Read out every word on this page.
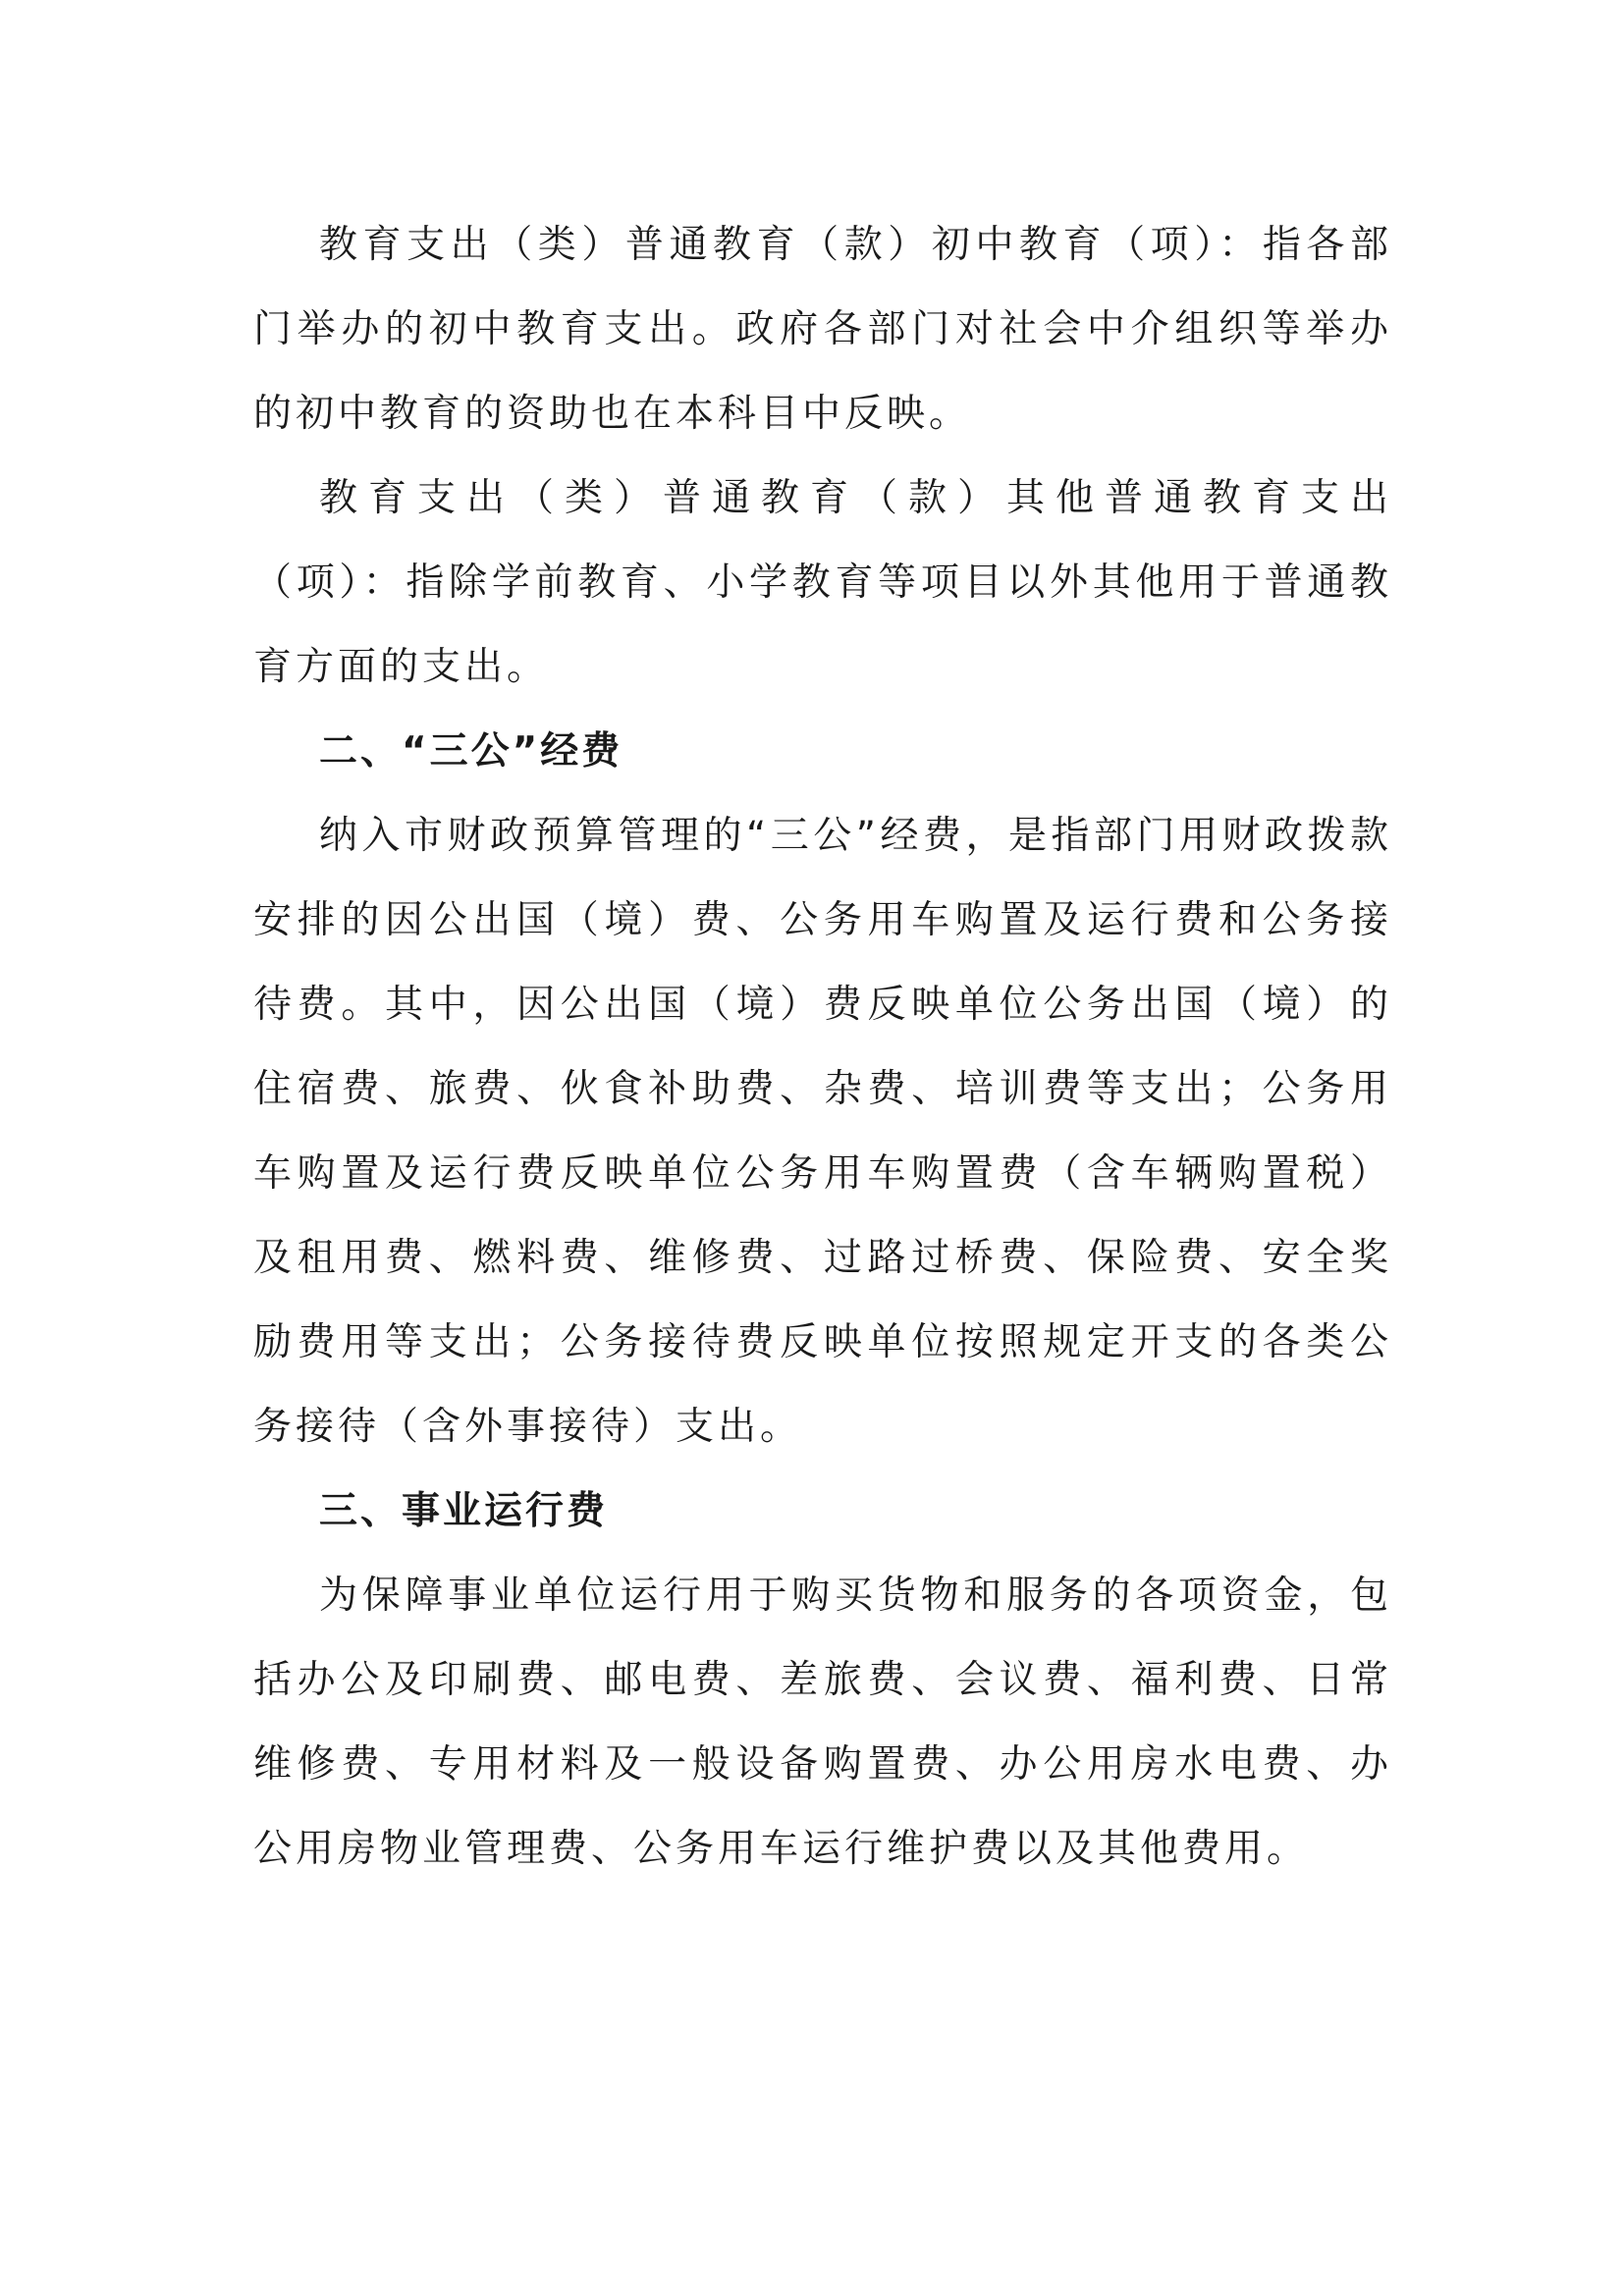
教育支出（类）普通教育（款）初中教育（项）：指各部门举办的初中教育支出。政府各部门对社会中介组织等举办的初中教育的资助也在本科目中反映。

教育支出（类）普通教育（款）其他普通教育支出（项）：指除学前教育、小学教育等项目以外其他用于普通教育方面的支出。

二、“三公”经费

纳入市财政预算管理的“三公”经费，是指部门用财政拨款安排的因公出国（境）费、公务用车购置及运行费和公务接待费。其中，因公出国（境）费反映单位公务出国（境）的住宿费、旅费、伙食补助费、杂费、培训费等支出；公务用车购置及运行费反映单位公务用车购置费（含车辆购置税）及租用费、燃料费、维修费、过路过桥费、保险费、安全奖励费用等支出；公务接待费反映单位按照规定开支的各类公务接待（含外事接待）支出。

三、事业运行费

为保障事业单位运行用于购买货物和服务的各项资金，包括办公及印刷费、邮电费、差旅费、会议费、福利费、日常维修费、专用材料及一般设备购置费、办公用房水电费、办公用房物业管理费、公务用车运行维护费以及其他费用。
